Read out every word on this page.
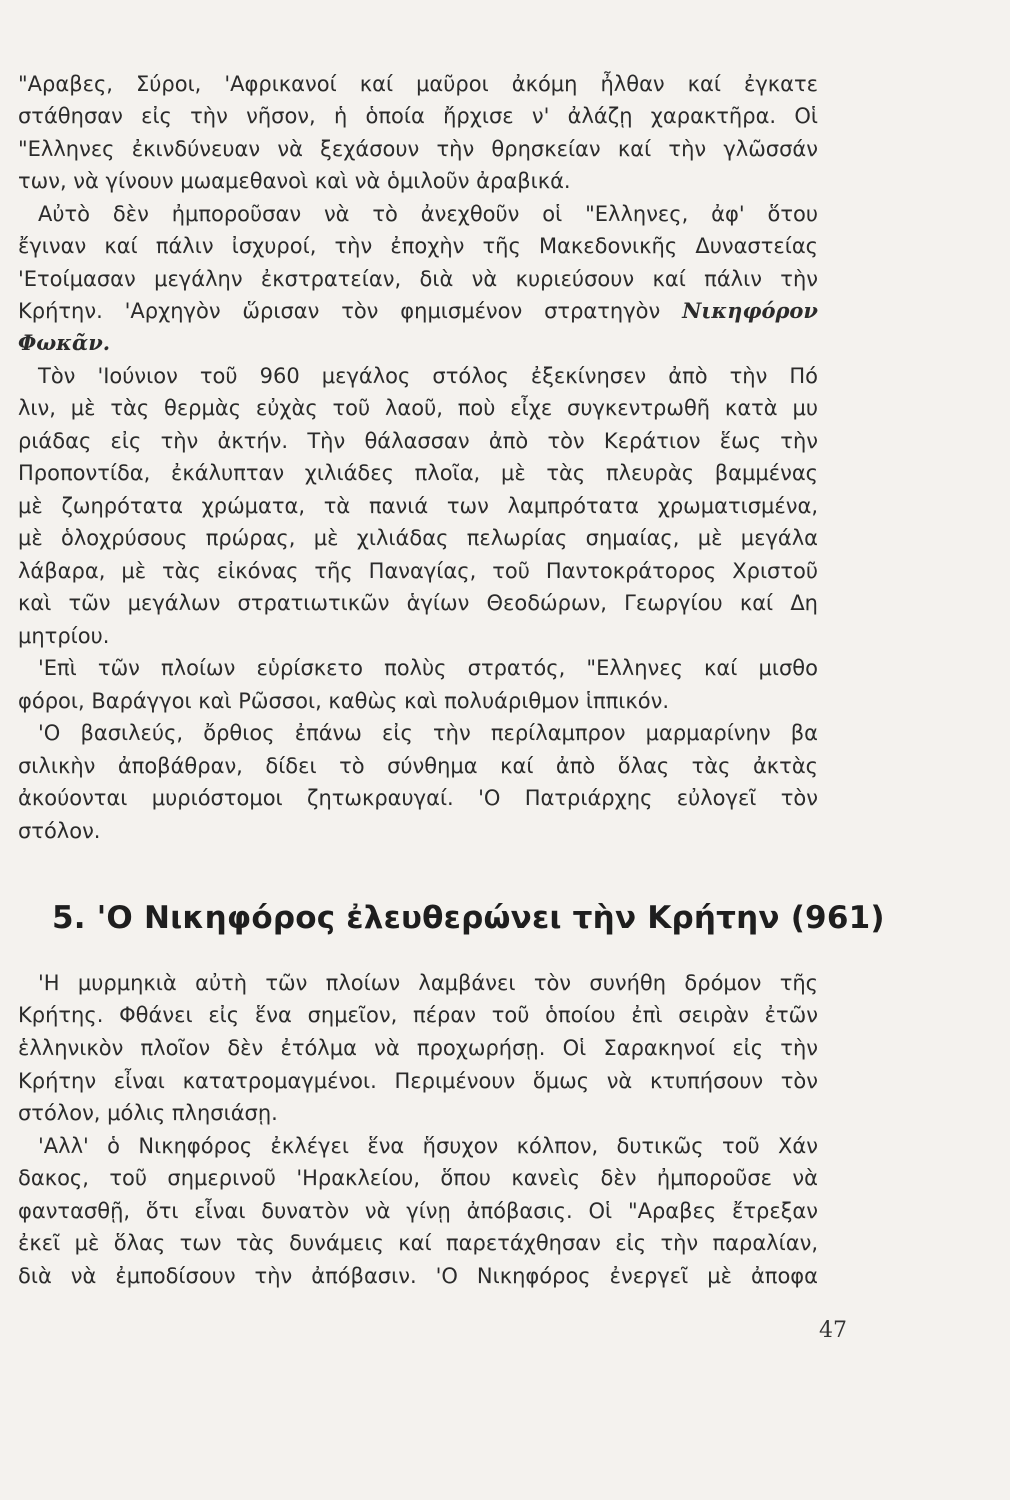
"Αραβες, Σύροι, 'Αφρικανοί καί μαῦροι ἀκόμη ἦλθαν καί ἐγκατε

στάθησαν εἰς τὴν νῆσον, ἡ ὁποία ἤρχισε ν' ἀλάζῃ χαρακτῆρα. Οἱ

"Ελληνες ἐκινδύνευαν νὰ ξεχάσουν τὴν θρησκείαν καί τὴν γλῶσσάν

των, νὰ γίνουν μωαμεθανοὶ καὶ νὰ ὁμιλοῦν ἀραβικά.

Αὐτὸ δὲν ἠμποροῦσαν νὰ τὸ ἀνεχθοῦν οἱ "Ελληνες, ἀφ' ὅτου

ἔγιναν καί πάλιν ἰσχυροί, τὴν ἐποχὴν τῆς Μακεδονικῆς Δυναστείας

'Ετοίμασαν μεγάλην ἐκστρατείαν, διὰ νὰ κυριεύσουν καί πάλιν τὴν

Κρήτην. 'Αρχηγὸν ὥρισαν τὸν φημισμένον στρατηγὸν Νικηφόρον

Φωκᾶν.

Τὸν 'Ιούνιον τοῦ 960 μεγάλος στόλος ἐξεκίνησεν ἀπὸ τὴν Πό

λιν, μὲ τὰς θερμὰς εὐχὰς τοῦ λαοῦ, ποὺ εἶχε συγκεντρωθῆ κατὰ μυ

ριάδας εἰς τὴν ἀκτήν. Τὴν θάλασσαν ἀπὸ τὸν Κεράτιον ἕως τὴν

Προποντίδα, ἐκάλυπταν χιλιάδες πλοῖα, μὲ τὰς πλευρὰς βαμμένας

μὲ ζωηρότατα χρώματα, τὰ πανιά των λαμπρότατα χρωματισμένα,

μὲ ὁλοχρύσους πρώρας, μὲ χιλιάδας πελωρίας σημαίας, μὲ μεγάλα

λάβαρα, μὲ τὰς εἰκόνας τῆς Παναγίας, τοῦ Παντοκράτορος Χριστοῦ

καὶ τῶν μεγάλων στρατιωτικῶν ἁγίων Θεοδώρων, Γεωργίου καί Δη

μητρίου.

'Επὶ τῶν πλοίων εὑρίσκετο πολὺς στρατός, "Ελληνες καί μισθο

φόροι, Βαράγγοι καὶ Ρῶσσοι, καθὼς καὶ πολυάριθμον ἱππικόν.

'Ο βασιλεύς, ὄρθιος ἐπάνω εἰς τὴν περίλαμπρον μαρμαρίνην βα

σιλικὴν ἀποβάθραν, δίδει τὸ σύνθημα καί ἀπὸ ὅλας τὰς ἀκτὰς

ἀκούονται μυριόστομοι ζητωκραυγαί. 'Ο Πατριάρχης εὐλογεῖ τὸν

στόλον.

5. 'Ο Νικηφόρος ἐλευθερώνει τὴν Κρήτην (961)

'Η μυρμηκιὰ αὐτὴ τῶν πλοίων λαμβάνει τὸν συνήθη δρόμον τῆς

Κρήτης. Φθάνει εἰς ἕνα σημεῖον, πέραν τοῦ ὁποίου ἐπὶ σειρὰν ἐτῶν

ἑλληνικὸν πλοῖον δὲν ἐτόλμα νὰ προχωρήσῃ. Οἱ Σαρακηνοί εἰς τὴν

Κρήτην εἶναι κατατρομαγμένοι. Περιμένουν ὅμως νὰ κτυπήσουν τὸν

στόλον, μόλις πλησιάσῃ.

'Αλλ' ὁ Νικηφόρος ἐκλέγει ἕνα ἥσυχον κόλπον, δυτικῶς τοῦ Χάν

δακος, τοῦ σημερινοῦ 'Ηρακλείου, ὅπου κανεὶς δὲν ἠμποροῦσε νὰ

φαντασθῇ, ὅτι εἶναι δυνατὸν νὰ γίνῃ ἀπόβασις. Οἱ "Αραβες ἔτρεξαν

ἐκεῖ μὲ ὅλας των τὰς δυνάμεις καί παρετάχθησαν εἰς τὴν παραλίαν,

διὰ νὰ ἐμποδίσουν τὴν ἀπόβασιν. 'Ο Νικηφόρος ἐνεργεῖ μὲ ἀποφα

47
